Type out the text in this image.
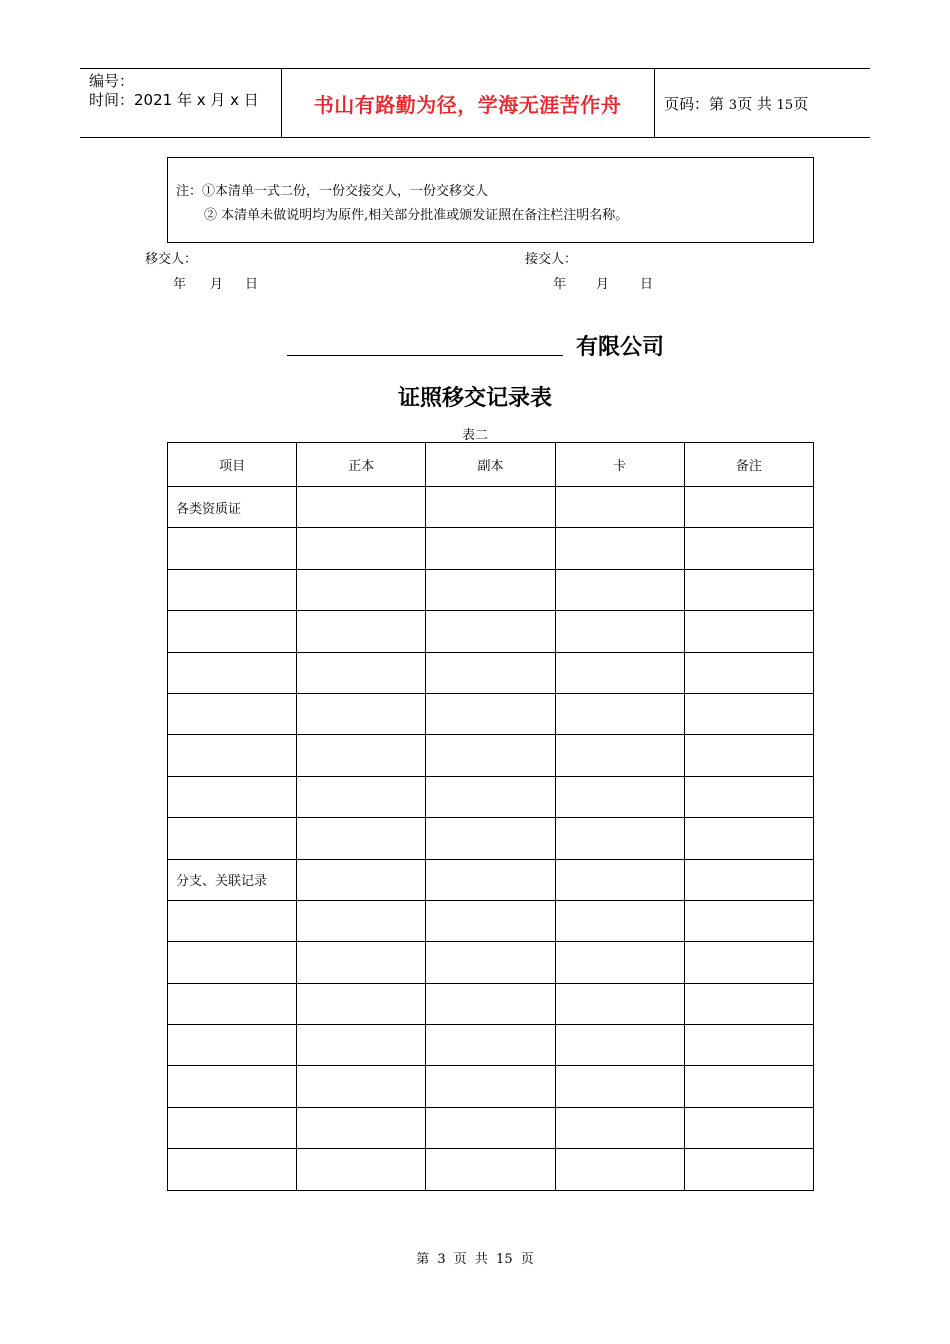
编号：
时间：2021 年 x 月 x 日	书山有路勤为径，学海无涯苦作舟	页码：第 3页 共 15页
注：①本清单一式二份，一份交接交人，一份交移交人
② 本清单未做说明均为原件,相关部分批准或颁发证照在备注栏注明名称。
移交人：	接交人：
年 月 日	年 月 日
有限公司
证照移交记录表
表二
项目	正本	副本	卡	备注
各类资质证				

分支、关联记录				

第 3 页 共 15 页
